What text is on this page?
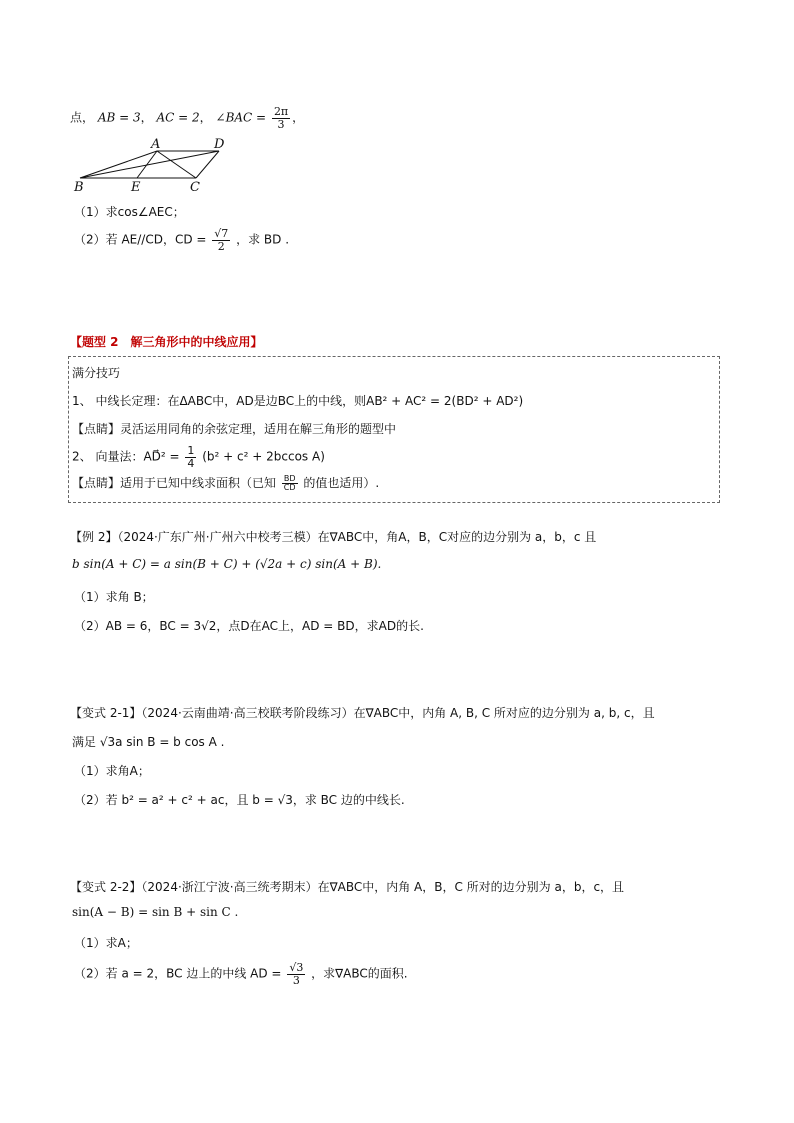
点， AB = 3， AC = 2， ∠BAC = $\frac{2\pi}{3}$ ，
A	D
B	E	C
（1）求cos∠AEC；
（2）若 AE//CD，CD = $\frac{√7}{2}$ ，求 BD .
【题型 2　解三角形中的中线应用】
满分技巧
1、 中线长定理：在ΔABC中，AD是边BC上的中线，则AB² + AC² = 2(BD² + AD²)
【点睛】灵活运用同角的余弦定理，适用在解三角形的题型中
2、 向量法：AD⃗² = $\frac{1}{4} (b^2 + c^2 + 2bccos$ A)
【点睛】适用于已知中线求面积（已知 $\frac{BD}{CD}$ 的值也适用）.
【例 2】（2024·广东广州·广州六中校考三模）在∇ABC中，角A，B，C对应的边分别为 a，b，c 且
b sin(A + C) = a sin(B + C) + (√2a + c) sin(A + B).
（1）求角 B；
（2）AB = 6，BC = 3√2，点D在AC上，AD = BD，求AD的长.
【变式 2-1】（2024·云南曲靖·高三校联考阶段练习）在∇ABC中，内角 A, B, C 所对应的边分别为 a, b, c，且
满足 √3a sin B = b cos A .
（1）求角A；
（2）若 b² = a² + c² + ac，且 b = √3，求 BC 边的中线长.
【变式 2-2】（2024·浙江宁波·高三统考期末）在∇ABC中，内角 A，B，C 所对的边分别为 a，b，c，且
sin(A − B) = sin B + sin C .
（1）求A；
（2）若 a = 2，BC 边上的中线 AD = $\frac{√3}{3}$ ，求∇ABC的面积.
